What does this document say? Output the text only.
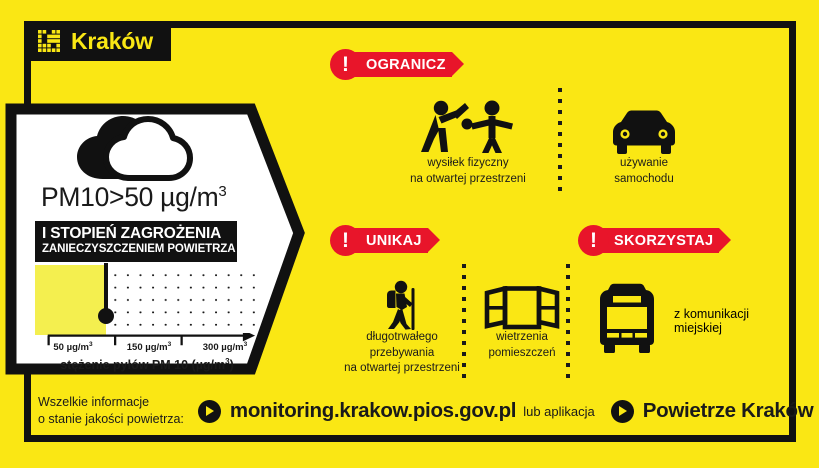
Kraków
PM10>50 $\mu g/m^3$
I STOPIEŃ ZAGROŻENIA
ZANIECZYSZCZENIEM POWIETRZA
50 $\mu g/m^3$	150 $\mu g/m^3$	300 $\mu g/m^3$
stężenie pyłów PM 10 $(\mu g/m^3)$
!	OGRANICZ
wysiłek fizyczny
na otwartej przestrzeni
używanie
samochodu
!	UNIKAJ
długotrwałego
przebywania
na otwartej przestrzeni
wietrzenia
pomieszczeń
!	SKORZYSTAJ
z komunikacji
miejskiej
Wszelkie informacje
o stanie jakości powietrza: monitoring.krakow.pios.gov.pl lub aplikacja Powietrze Kraków
